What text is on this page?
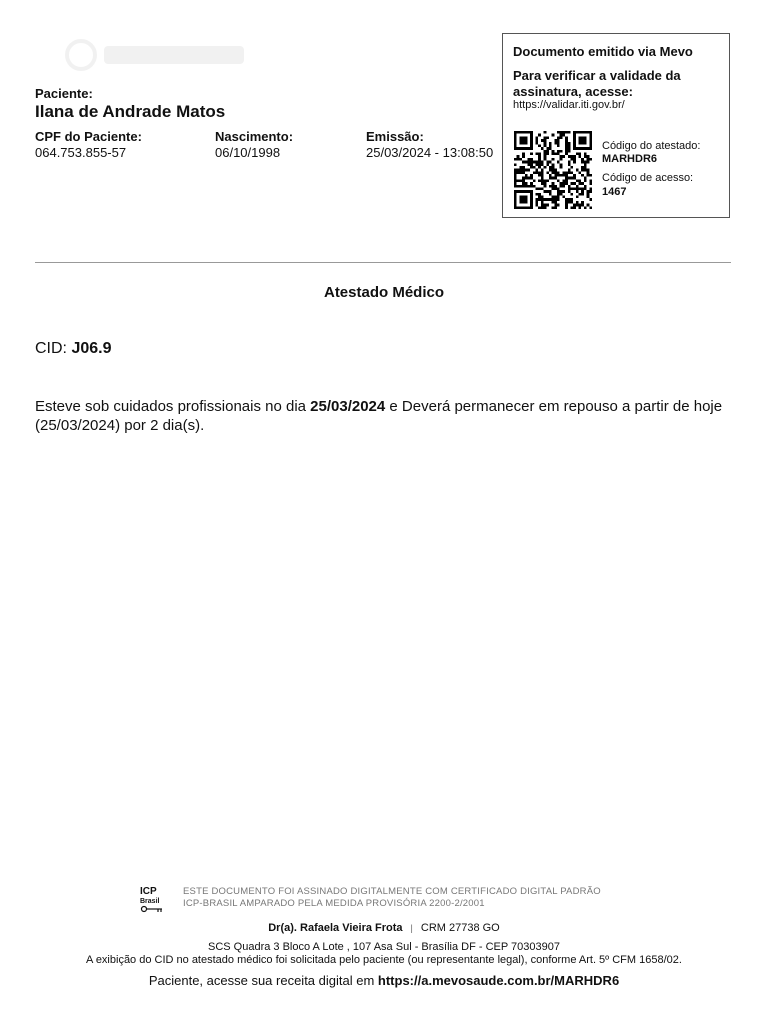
Paciente:
Ilana de Andrade Matos
CPF do Paciente:
064.753.855-57
Nascimento:
06/10/1998
Emissão:
25/03/2024 - 13:08:50
Documento emitido via Mevo
Para verificar a validade da assinatura, acesse:
https://validar.iti.gov.br/
Código do atestado:
MARHDR6
Código de acesso:
1467
Atestado Médico
CID: J06.9
Esteve sob cuidados profissionais no dia 25/03/2024 e Deverá permanecer em repouso a partir de hoje (25/03/2024) por 2 dia(s).
ICP
Brasil
ESTE DOCUMENTO FOI ASSINADO DIGITALMENTE COM CERTIFICADO DIGITAL PADRÃO
ICP-BRASIL AMPARADO PELA MEDIDA PROVISÓRIA 2200-2/2001
Dr(a). Rafaela Vieira Frota | CRM 27738 GO
SCS Quadra 3 Bloco A Lote , 107 Asa Sul - Brasília DF - CEP 70303907
A exibição do CID no atestado médico foi solicitada pelo paciente (ou representante legal), conforme Art. 5º CFM 1658/02.
Paciente, acesse sua receita digital em https://a.mevosaude.com.br/MARHDR6
